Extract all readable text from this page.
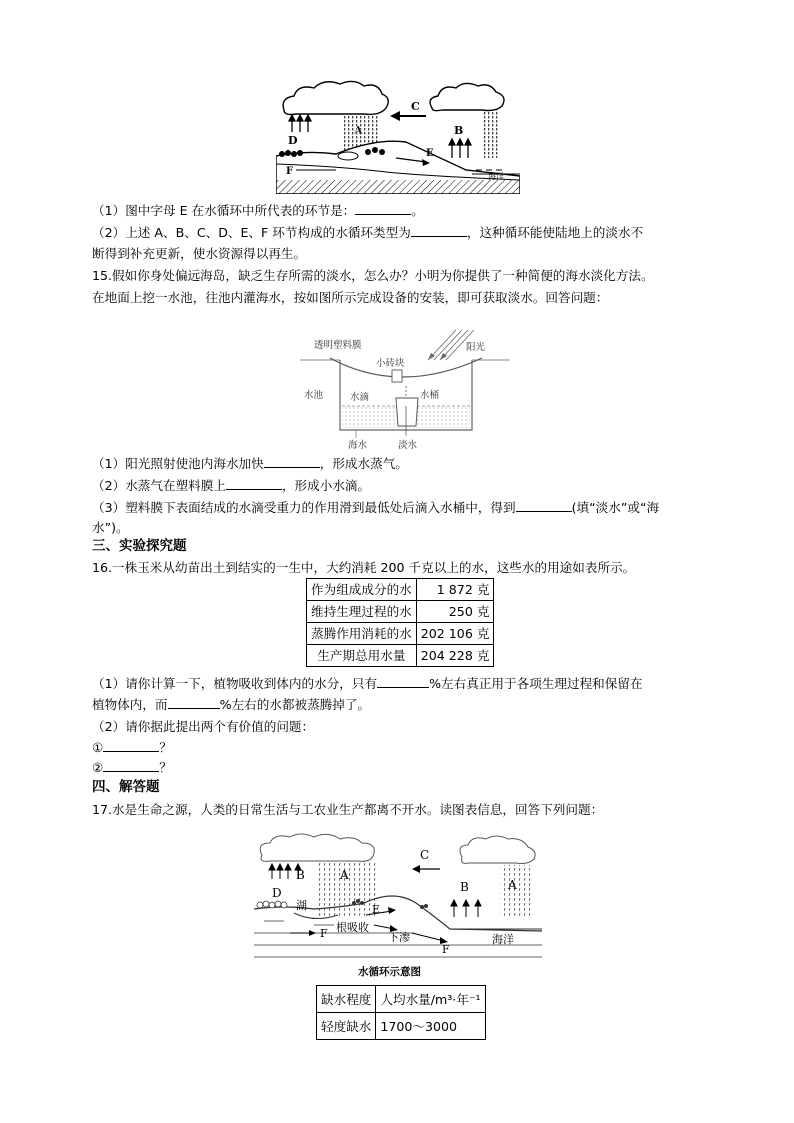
C
A	B
D
E
F	海洋
（1）图中字母 E 在水循环中所代表的环节是：	。
（2）上述 A、B、C、D、E、F 环节构成的水循环类型为	，这种循环能使陆地上的淡水不
断得到补充更新，使水资源得以再生。
15.假如你身处偏远海岛，缺乏生存所需的淡水，怎么办？小明为你提供了一种简便的海水淡化方法。
在地面上挖一水池，往池内灌海水，按如图所示完成设备的安装，即可获取淡水。回答问题：
透明塑料膜	阳光
小砖块
水池	水滴	水桶
海水	淡水
（1）阳光照射使池内海水加快	，形成水蒸气。
（2）水蒸气在塑料膜上	，形成小水滴。
（3）塑料膜下表面结成的水滴受重力的作用滑到最低处后滴入水桶中，得到	(填“淡水”或“海
水”)。
三、实验探究题
16.一株玉米从幼苗出土到结实的一生中，大约消耗 200 千克以上的水，这些水的用途如表所示。
作为组成成分的水	1 872 克
维持生理过程的水	250 克
蒸腾作用消耗的水	202 106 克
生产期总用水量	204 228 克
（1）请你计算一下，植物吸收到体内的水分，只有	%左右真正用于各项生理过程和保留在
植物体内，而	%左右的水都被蒸腾掉了。
（2）请你据此提出两个有价值的问题：
①	？
②	？
四、解答题
17.水是生命之源，人类的日常生活与工农业生产都离不开水。读图表信息，回答下列问题：
C
A
B
D	B	A
湖	E
根吸收
F	下渗
F
海洋
水循环示意图
缺水程度	人均水量/m³·年⁻¹
轻度缺水	1700～3000
